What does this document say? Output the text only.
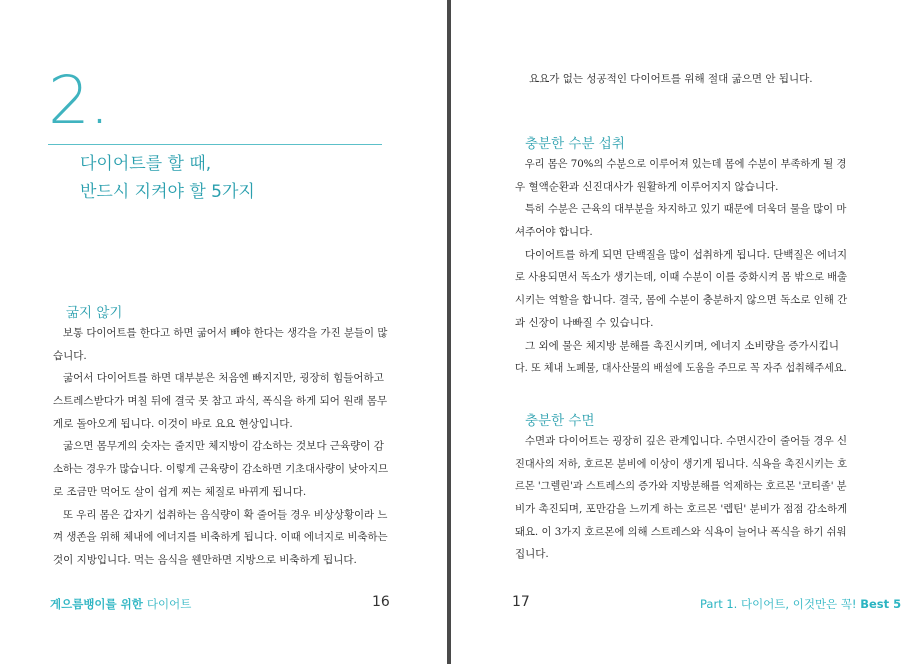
2.
다이어트를 할 때,
반드시 지켜야 할 5가지
굶지 않기
보통 다이어트를 한다고 하면 굶어서 빼야 한다는 생각을 가진 분들이 많
습니다.
굶어서 다이어트를 하면 대부분은 처음엔 빠지지만, 굉장히 힘들어하고
스트레스받다가 며칠 뒤에 결국 못 참고 과식, 폭식을 하게 되어 원래 몸무
게로 돌아오게 됩니다. 이것이 바로 요요 현상입니다.
굶으면 몸무게의 숫자는 줄지만 체지방이 감소하는 것보다 근육량이 감
소하는 경우가 많습니다. 이렇게 근육량이 감소하면 기초대사량이 낮아지므
로 조금만 먹어도 살이 쉽게 찌는 체질로 바뀌게 됩니다.
또 우리 몸은 갑자기 섭취하는 음식량이 확 줄어들 경우 비상상황이라 느
껴 생존을 위해 체내에 에너지를 비축하게 됩니다. 이때 에너지로 비축하는
것이 지방입니다. 먹는 음식을 웬만하면 지방으로 비축하게 됩니다.
게으름뱅이를 위한 다이어트	16
요요가 없는 성공적인 다이어트를 위해 절대 굶으면 안 됩니다.
충분한 수분 섭취
우리 몸은 70%의 수분으로 이루어져 있는데 몸에 수분이 부족하게 될 경
우 혈액순환과 신진대사가 원활하게 이루어지지 않습니다.
특히 수분은 근육의 대부분을 차지하고 있기 때문에 더욱더 물을 많이 마
셔주어야 합니다.
다이어트를 하게 되면 단백질을 많이 섭취하게 됩니다. 단백질은 에너지
로 사용되면서 독소가 생기는데, 이때 수분이 이를 중화시켜 몸 밖으로 배출
시키는 역할을 합니다. 결국, 몸에 수분이 충분하지 않으면 독소로 인해 간
과 신장이 나빠질 수 있습니다.
그 외에 물은 체지방 분해를 촉진시키며, 에너지 소비량을 증가시킵니
다. 또 체내 노폐물, 대사산물의 배설에 도움을 주므로 꼭 자주 섭취해주세요.
충분한 수면
수면과 다이어트는 굉장히 깊은 관계입니다. 수면시간이 줄어들 경우 신
진대사의 저하, 호르몬 분비에 이상이 생기게 됩니다. 식욕을 촉진시키는 호
르몬 '그렐린'과 스트레스의 증가와 지방분해를 억제하는 호르몬 '코티졸' 분
비가 촉진되며, 포만감을 느끼게 하는 호르몬 '렙틴' 분비가 점점 감소하게
돼요. 이 3가지 호르몬에 의해 스트레스와 식욕이 늘어나 폭식을 하기 쉬워
집니다.
17	Part 1. 다이어트, 이것만은 꼭! Best 5
